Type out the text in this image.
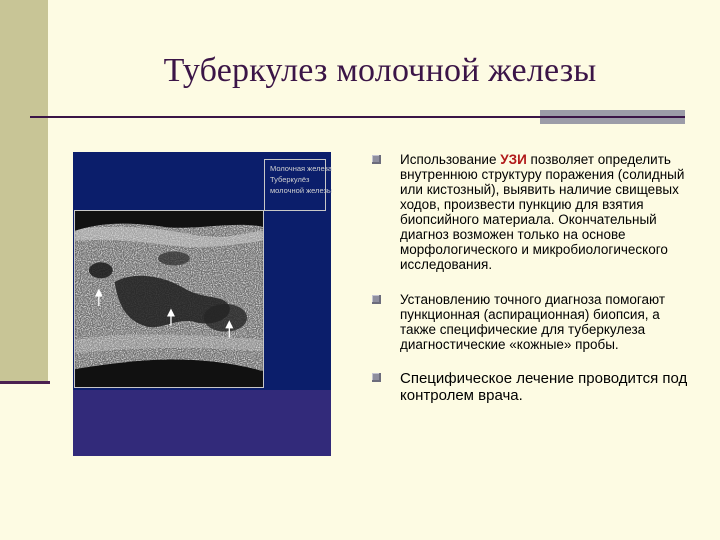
Туберкулез молочной железы
Молочная железа
Туберкулёз
молочной железы
Использование УЗИ позволяет определить внутреннюю структуру поражения (солидный или кистозный), выявить наличие свищевых ходов, произвести пункцию для взятия биопсийного материала. Окончательный диагноз возможен только на основе морфологического и микробиологического исследования.
Установлению точного диагноза помогают пункционная (аспирационная) биопсия, а также специфические для туберкулеза диагностические «кожные» пробы.
Специфическое лечение проводится под контролем врача.
